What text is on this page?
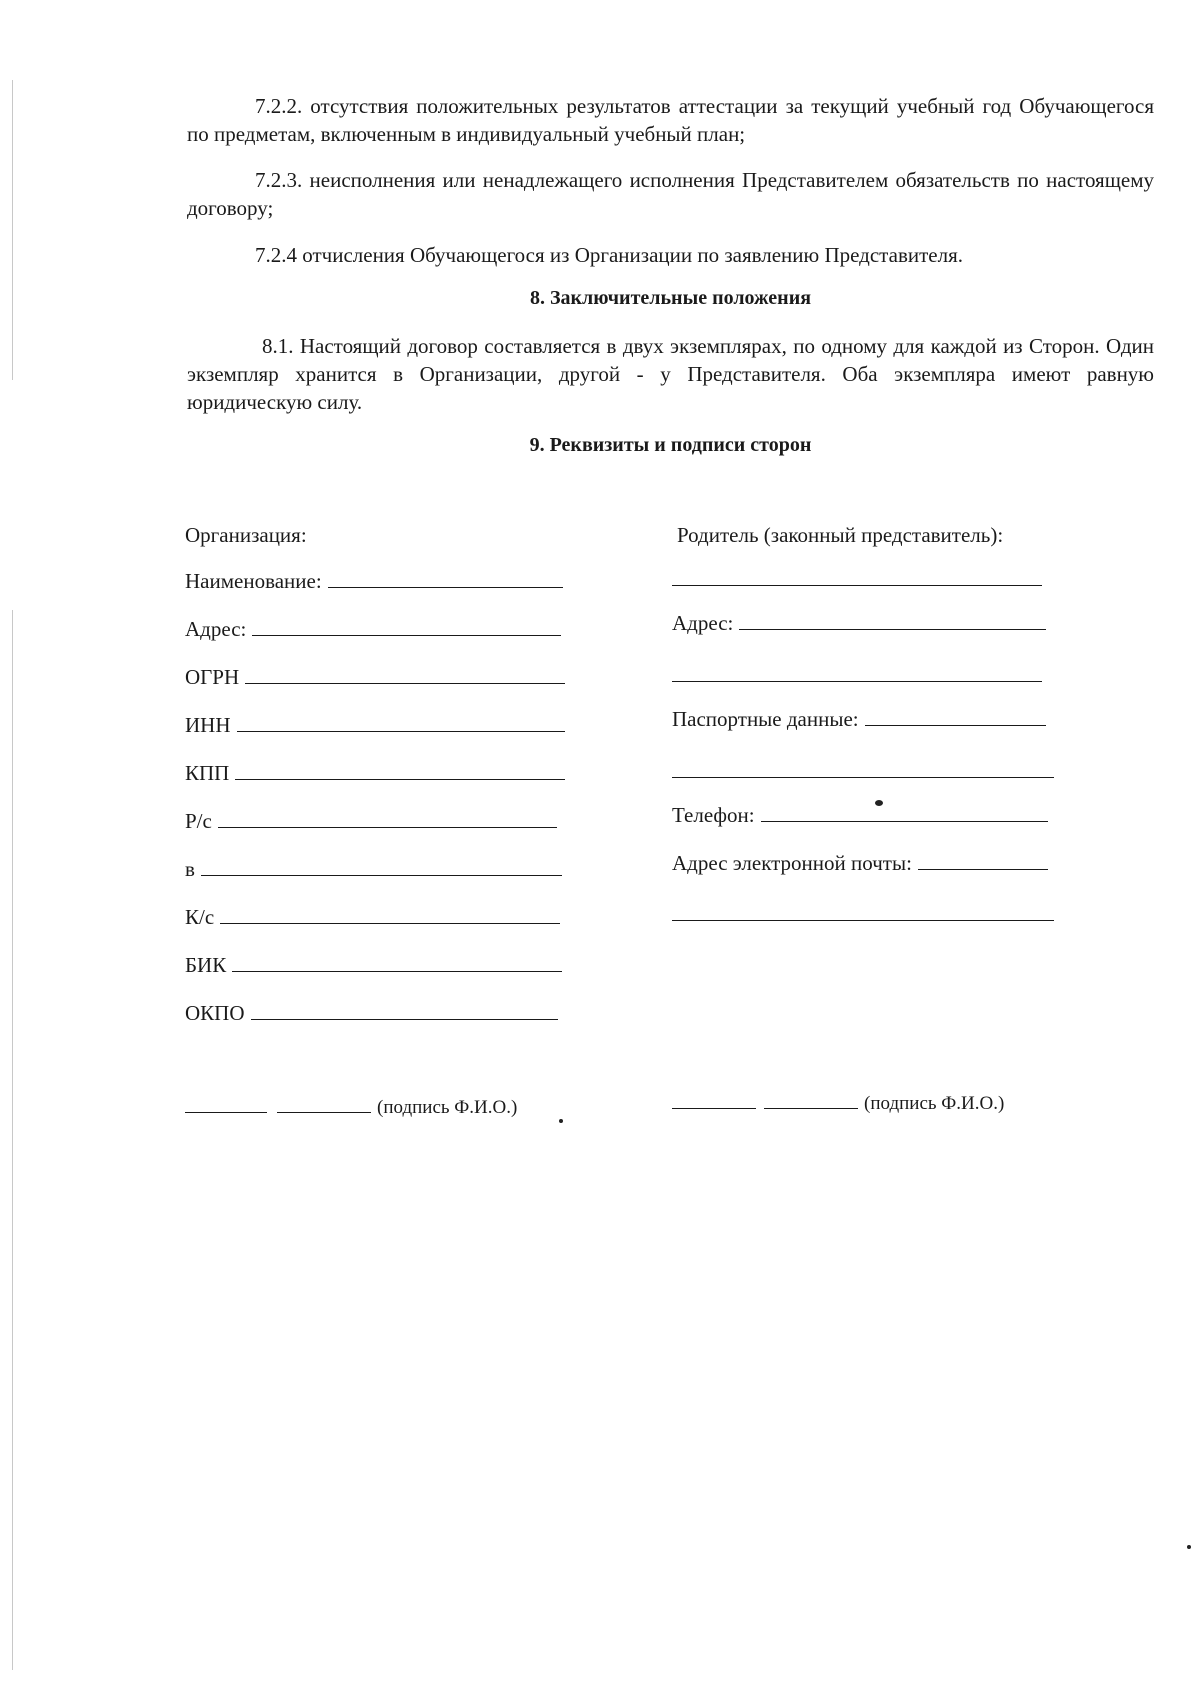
7.2.2. отсутствия положительных результатов аттестации за текущий учебный год Обучающегося по предметам, включенным в индивидуальный учебный план;

7.2.3. неисполнения или ненадлежащего исполнения Представителем обязательств по настоящему договору;

7.2.4 отчисления Обучающегося из Организации по заявлению Представителя.

8. Заключительные положения

8.1. Настоящий договор составляется в двух экземплярах, по одному для каждой из Сторон. Один экземпляр хранится в Организации, другой - у Представителя. Оба экземпляра имеют равную юридическую силу.

9. Реквизиты и подписи сторон
Организация:
Наименование:
Адрес:
ОГРН
ИНН
КПП
Р/с
в
К/с
БИК
ОКПО
(подпись Ф.И.О.)
Родитель (законный представитель):
Адрес:
Паспортные данные:
Телефон:
Адрес электронной почты:
(подпись Ф.И.О.)
